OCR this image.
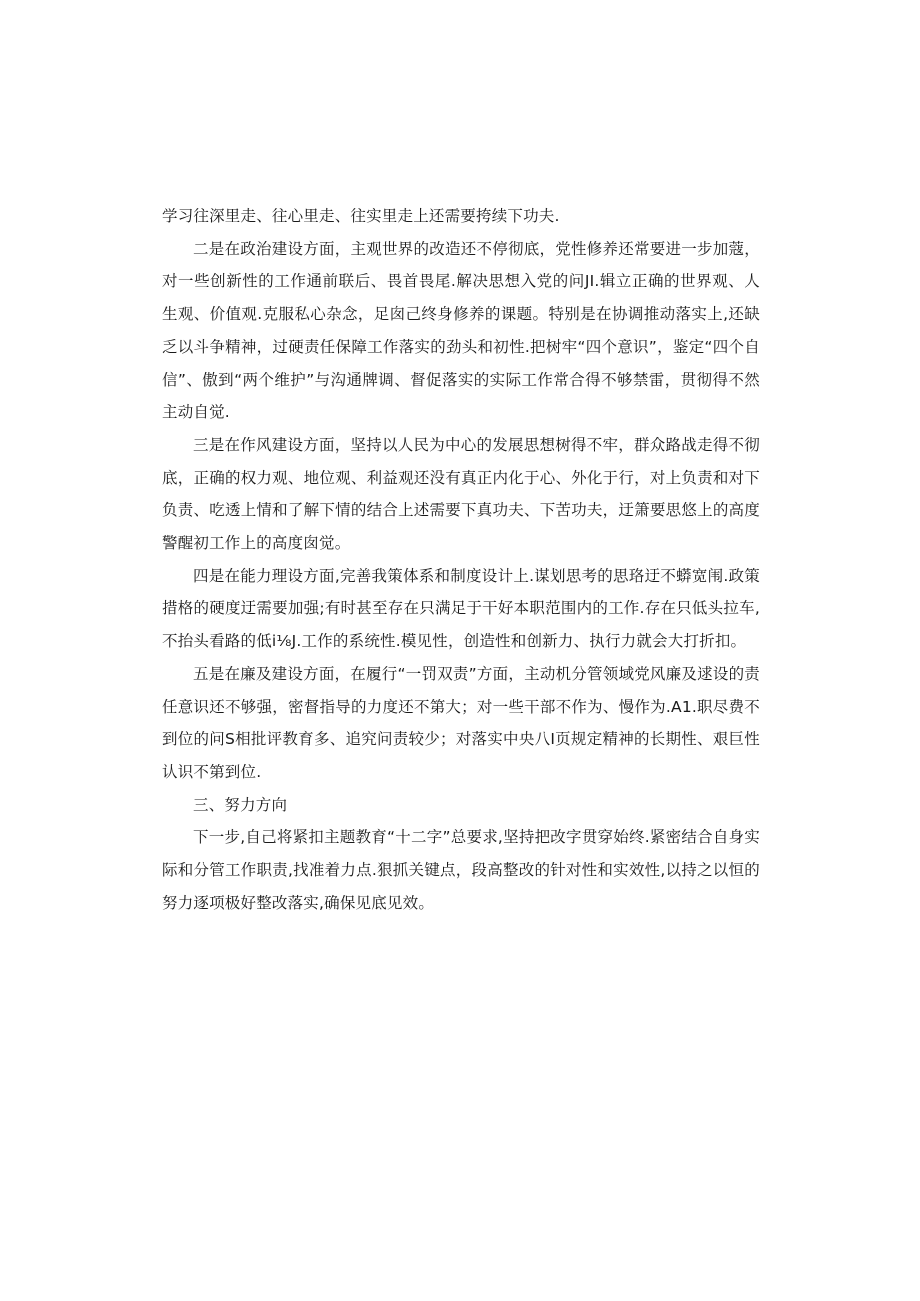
学习往深里走、往心里走、往实里走上还需要挎续下功夫.

二是在政治建设方面，主观世界的改造还不停彻底，党性修养还常要进一步加蔻，对一些创新性的工作通前联后、畏首畏尾.解决思想入党的问JI.辑立正确的世界观、人生观、价值观.克服私心杂念，足囱己终身修养的课题。特别是在协调推动落实上,还缺乏以斗争精神，过硬责任保障工作落实的劲头和初性.把树牢“四个意识”，鉴定“四个自信”、傲到“两个维护”与沟通牌调、督促落实的实际工作常合得不够禁雷，贯彻得不然主动自觉.

三是在作风建设方面，坚持以人民为中心的发展思想树得不牢，群众路战走得不彻底，正确的权力观、地位观、利益观还没有真正内化于心、外化于行，对上负责和对下负责、吃透上情和了解下情的结合上述需要下真功夫、下苦功夫，迂箫要思悠上的高度警醒初工作上的高度囱觉。

四是在能力理设方面,完善我策体系和制度设计上.谋划思考的思珞迂不蟒宽闱.政策措格的硬度迂需要加强;有时甚至存在只满足于干好本职范围内的工作.存在只低头拉车,不抬头看路的低i⅛J.工作的系统性.模见性，创造性和创新力、执行力就会大打折扣。

五是在廉及建设方面，在履行“一罚双责”方面，主动机分管领域党风廉及逑设的责任意识还不够强，密督指导的力度还不第大；对一些干部不作为、慢作为.A1.职尽费不到位的问S相批评教育多、追究问责较少；对落实中央八I页规定精神的长期性、艰巨性认识不第到位.

三、努力方向

下一步,自己将紧扣主题教育“十二字”总要求,坚持把改字贯穿始终.紧密结合自身实际和分管工作职责,找准着力点.狠抓关键点，段高整改的针对性和实效性,以持之以恒的努力逐项极好整改落实,确保见底见效。
